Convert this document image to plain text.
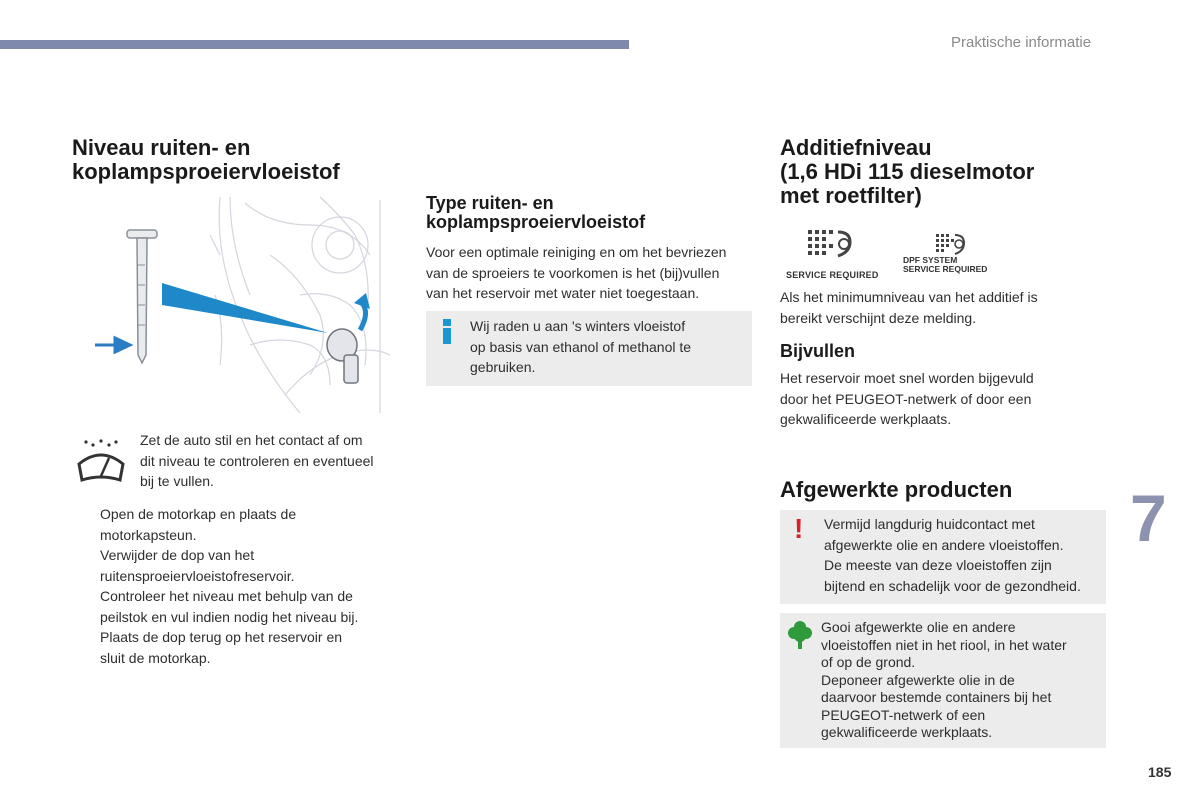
Praktische informatie
Niveau ruiten- en
koplampsproeiervloeistof
Zet de auto stil en het contact af om
dit niveau te controleren en eventueel
bij te vullen.
Open de motorkap en plaats de
motorkapsteun.
Verwijder de dop van het
ruitensproeiervloeistofreservoir.
Controleer het niveau met behulp van de
peilstok en vul indien nodig het niveau bij.
Plaats de dop terug op het reservoir en
sluit de motorkap.
Type ruiten- en
koplampsproeiervloeistof
Voor een optimale reiniging en om het bevriezen
van de sproeiers te voorkomen is het (bij)vullen
van het reservoir met water niet toegestaan.
Wij raden u aan 's winters vloeistof
op basis van ethanol of methanol te
gebruiken.
Additiefniveau
(1,6 HDi 115 dieselmotor
met roetfilter)
SERVICE REQUIRED
DPF SYSTEM
SERVICE REQUIRED
Als het minimumniveau van het additief is
bereikt verschijnt deze melding.
Bijvullen
Het reservoir moet snel worden bijgevuld
door het PEUGEOT-netwerk of door een
gekwalificeerde werkplaats.
Afgewerkte producten
! Vermijd langdurig huidcontact met
afgewerkte olie en andere vloeistoffen.
De meeste van deze vloeistoffen zijn
bijtend en schadelijk voor de gezondheid.
Gooi afgewerkte olie en andere
vloeistoffen niet in het riool, in het water
of op de grond.
Deponeer afgewerkte olie in de
daarvoor bestemde containers bij het
PEUGEOT-netwerk of een
gekwalificeerde werkplaats.
7
185
